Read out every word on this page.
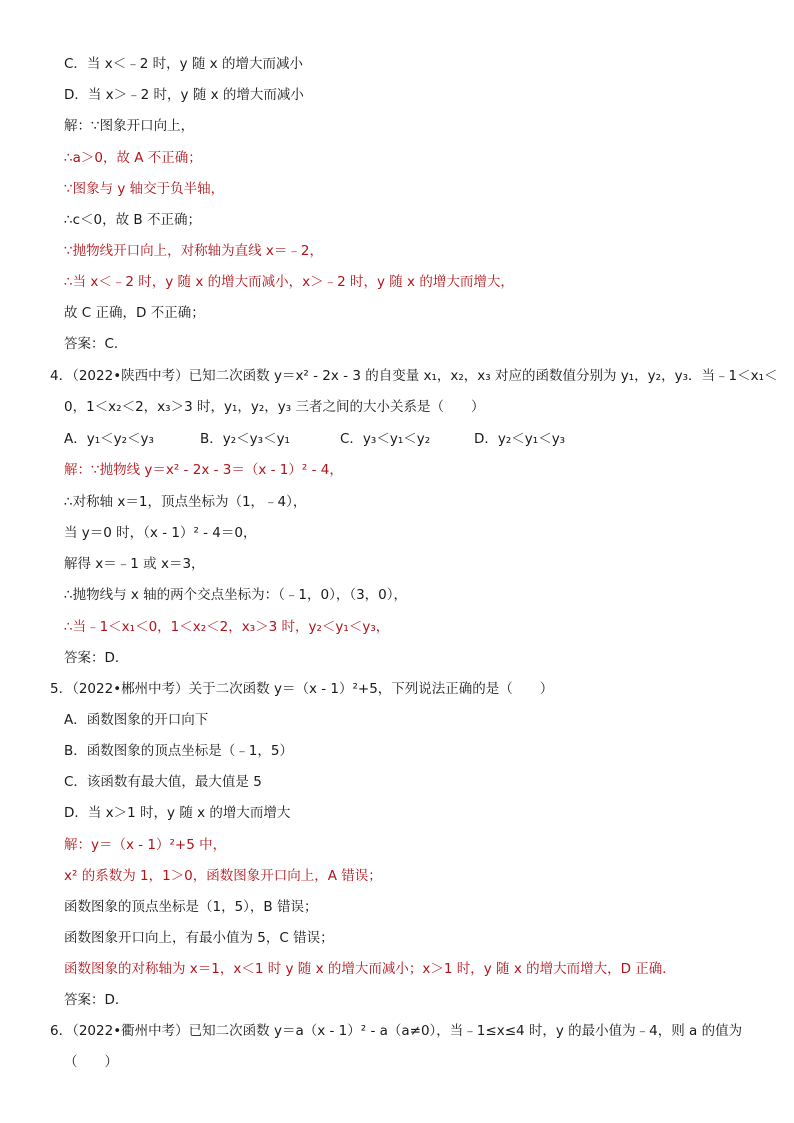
C．当 x＜﹣2 时，y 随 x 的增大而减小
D．当 x＞﹣2 时，y 随 x 的增大而减小
解：∵图象开口向上，
∴a＞0，故 A 不正确；
∵图象与 y 轴交于负半轴，
∴c＜0，故 B 不正确；
∵抛物线开口向上，对称轴为直线 x＝﹣2，
∴当 x＜﹣2 时，y 随 x 的增大而减小，x＞﹣2 时，y 随 x 的增大而增大，
故 C 正确，D 不正确；
答案：C．
4．（2022•陕西中考）已知二次函数 y＝x² - 2x - 3 的自变量 x₁，x₂，x₃ 对应的函数值分别为 y₁，y₂，y₃．当﹣1＜x₁＜
0，1＜x₂＜2，x₃＞3 时，y₁，y₂，y₃ 三者之间的大小关系是（　　）
A．y₁＜y₂＜y₃	B．y₂＜y₃＜y₁	C．y₃＜y₁＜y₂	D．y₂＜y₁＜y₃
解：∵抛物线 y＝x² - 2x - 3＝（x - 1）² - 4，
∴对称轴 x＝1，顶点坐标为（1，﹣4），
当 y＝0 时，（x - 1）² - 4＝0，
解得 x＝﹣1 或 x＝3，
∴抛物线与 x 轴的两个交点坐标为：（﹣1，0），（3，0），
∴当﹣1＜x₁＜0，1＜x₂＜2，x₃＞3 时，y₂＜y₁＜y₃，
答案：D．
5．（2022•郴州中考）关于二次函数 y＝（x - 1）²+5，下列说法正确的是（　　）
A．函数图象的开口向下
B．函数图象的顶点坐标是（﹣1，5）
C．该函数有最大值，最大值是 5
D．当 x＞1 时，y 随 x 的增大而增大
解：y＝（x - 1）²+5 中，
x² 的系数为 1，1＞0，函数图象开口向上，A 错误；
函数图象的顶点坐标是（1，5），B 错误；
函数图象开口向上，有最小值为 5，C 错误；
函数图象的对称轴为 x＝1，x＜1 时 y 随 x 的增大而减小；x＞1 时，y 随 x 的增大而增大，D 正确．
答案：D．
6．（2022•衢州中考）已知二次函数 y＝a（x - 1）² - a（a≠0），当﹣1≤x≤4 时，y 的最小值为﹣4，则 a 的值为
（　　）
